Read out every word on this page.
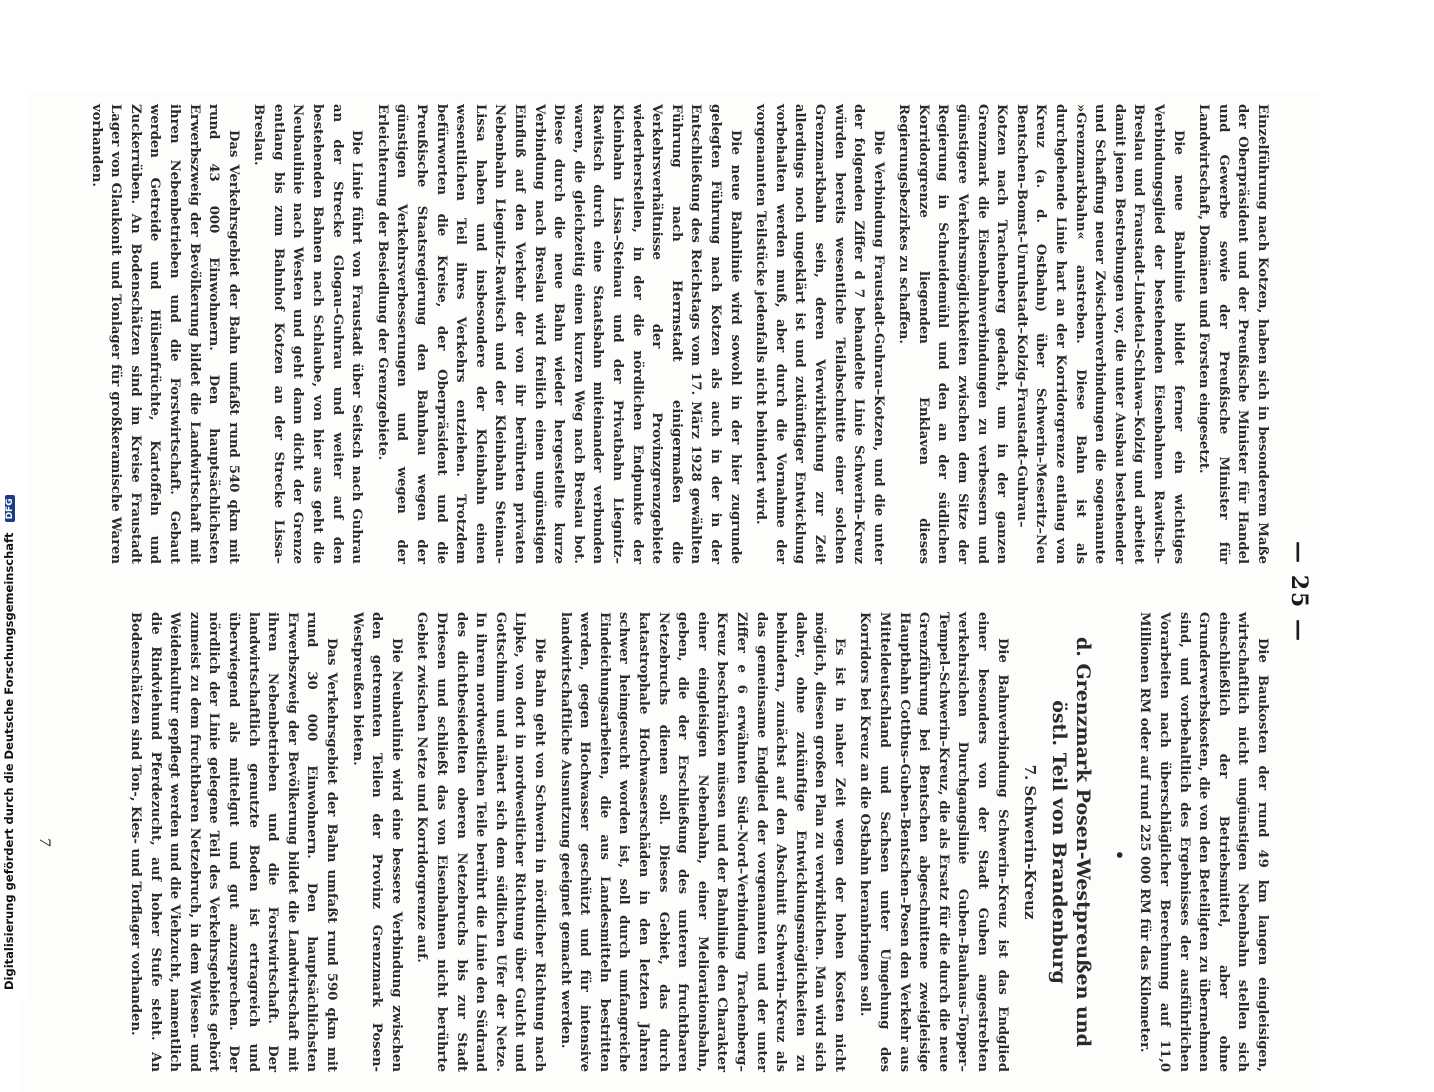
— 25 —

Einzelführung nach Kotzen, haben sich in besonderem Maße der Oberpräsident und der Preußische Minister für Handel und Gewerbe sowie der Preußische Minister für Landwirtschaft, Domänen und Forsten eingesetzt.

Die neue Bahnlinie bildet ferner ein wichtiges Verbindungsglied der bestehenden Eisenbahnen Rawitsch–Breslau und Fraustadt–Lindetal–Schlawa–Kolzig und arbeitet damit jenen Bestrebungen vor, die unter Ausbau bestehender und Schaffung neuer Zwischenverbindungen die sogenannte »Grenzmarkbahn« anstreben. Diese Bahn ist als durchgehende Linie hart an der Korridorgrenze entlang von Kreuz (a. d. Ostbahn) über Schwerin–Meseritz–Neu Bentschen–Bomst–Unruhstadt–Kolzig–Fraustadt–Guhrau–Kotzen nach Trachenberg gedacht, um in der ganzen Grenzmark die Eisenbahnverbindungen zu verbessern und günstigere Verkehrsmöglichkeiten zwischen dem Sitze der Regierung in Schneidemühl und den an der südlichen Korridorgrenze liegenden Enklaven dieses Regierungsbezirkes zu schaffen.

Die Verbindung Fraustadt–Guhrau–Kotzen, und die unter der folgenden Ziffer d 7 behandelte Linie Schwerin–Kreuz würden bereits wesentliche Teilabschnitte einer solchen Grenzmarkbahn sein, deren Verwirklichung zur Zeit allerdings noch ungeklärt ist und zukünftiger Entwicklung vorbehalten werden muß, aber durch die Vornahme der vorgenannten Teilstücke jedenfalls nicht behindert wird.

Die neue Bahnlinie wird sowohl in der hier zugrunde gelegten Führung nach Kotzen als auch in der in der Entschließung des Reichstags vom 17. März 1928 gewählten Führung nach Herrnstadt einigermaßen die Verkehrsverhältnisse der Provinzgrenzgebiete wiederherstellen, in der die nördlichen Endpunkte der Kleinbahn Lissa–Steinau und der Privatbahn Liegnitz–Rawitsch durch eine Staatsbahn miteinander verbunden waren, die gleichzeitig einen kurzen Weg nach Breslau bot. Diese durch die neue Bahn wieder hergestellte kurze Verbindung nach Breslau wird freilich einen ungünstigen Einfluß auf den Verkehr der von ihr berührten privaten Nebenbahn Liegnitz–Rawitsch und der Kleinbahn Steinau–Lissa haben und insbesondere der Kleinbahn einen wesentlichen Teil ihres Verkehrs entziehen. Trotzdem befürworten die Kreise, der Oberpräsident und die Preußische Staatsregierung den Bahnbau wegen der günstigen Verkehrsverbesserungen und wegen der Erleichterung der Besiedlung der Grenzgebiete.

Die Linie führt von Fraustadt über Seitsch nach Guhrau an der Strecke Glogau–Guhrau und weiter auf den bestehenden Bahnen nach Schlaube, von hier aus geht die Neubaulinie nach Westen und geht dann dicht der Grenze entlang bis zum Bahnhof Kotzen an der Strecke Lissa–Breslau.

Das Verkehrsgebiet der Bahn umfaßt rund 540 qkm mit rund 43 000 Einwohnern. Den hauptsächlichsten Erwerbszweig der Bevölkerung bildet die Landwirtschaft mit ihren Nebenbetrieben und die Forstwirtschaft. Gebaut werden Getreide und Hülsenfrüchte, Kartoffeln und Zuckerrüben. An Bodenschätzen sind im Kreise Fraustadt Lager von Glaukonit und Tonlager für großkeramische Waren vorhanden.

Die Baukosten der rund 49 km langen eingleisigen, wirtschaftlich nicht ungünstigen Nebenbahn stellen sich einschließlich der Betriebsmittel, aber ohne Grunderwerbskosten, die von den Beteiligten zu übernehmen sind, und vorbehaltlich des Ergebnisses der ausführlichen Vorarbeiten nach überschläglicher Berechnung auf 11,0 Millionen RM oder auf rund 225 000 RM für das Kilometer.

•

d. Grenzmark Posen-Westpreußen und östl. Teil von Brandenburg
7. Schwerin-Kreuz

Die Bahnverbindung Schwerin–Kreuz ist das Endglied einer besonders von der Stadt Guben angestrebten verkehrsichen Durchgangslinie Guben–Bauhaus–Topper–Tempel–Schwerin–Kreuz, die als Ersatz für die durch die neue Grenzführung bei Bentschen abgeschnittene zweigleisige Hauptbahn Cottbus–Guben–Bentschen–Posen den Verkehr aus Mitteldeutschland und Sachsen unter Umgehung des Korridors bei Kreuz an die Ostbahn heranbringen soll.

Es ist in naher Zeit wegen der hohen Kosten nicht möglich, diesen großen Plan zu verwirklichen. Man wird sich daher, ohne zukünftige Entwicklungsmöglichkeiten zu behindern, zunächst auf den Abschnitt Schwerin–Kreuz als das gemeinsame Endglied der vorgenannten und der unter Ziffer e 6 erwähnten Süd–Nord–Verbindung Trachenberg–Kreuz beschränken müssen und der Bahnlinie den Charakter einer eingleisigen Nebenbahn, einer Meliorationsbahn, geben, die der Erschließung des unteren fruchtbaren Netzebruchs dienen soll. Dieses Gebiet, das durch katastrophale Hochwasserschäden in den letzten Jahren schwer heimgesucht worden ist, soll durch umfangreiche Eindeichungsarbeiten, die aus Landesmitteln bestritten werden, gegen Hochwasser geschützt und für intensive landwirtschaftliche Ausnutzung geeignet gemacht werden.

Die Bahn geht von Schwerin in nördlicher Richtung nach Lipke, von dort in nordwestlicher Richtung über Gulcht und Gottschimm und nähert sich dem südlichen Ufer der Netze. In ihrem nordwestlichen Teile berührt die Linie den Südrand des dichtbesiedelten oberen Netzebruchs bis zur Stadt Driesen und schließt das von Eisenbahnen nicht berührte Gebiet zwischen Netze und Korridorgrenze auf.

Die Neubaulinie wird eine bessere Verbindung zwischen den getrennten Teilen der Provinz Grenzmark Posen-Westpreußen bieten.

Das Verkehrsgebiet der Bahn umfaßt rund 590 qkm mit rund 30 000 Einwohnern. Den hauptsächlichsten Erwerbszweig der Bevölkerung bildet die Landwirtschaft mit ihren Nebenbetrieben und die Forstwirtschaft. Der landwirtschaftlich genutzte Boden ist ertragreich und überwiegend als mittelgut und gut anzusprechen. Der nördlich der Linie gelegene Teil des Verkehrsgebiets gehört zumeist zu dem fruchtbaren Netzebruch, in dem Wiesen- und Weidenkultur gepflegt werden und die Viehzucht, namentlich die Rindviehund Pferdezucht, auf hoher Stufe steht. An Bodenschätzen sind Ton-, Kies- und Torflager vorhanden.

7
Digitalisierung gefördert durch die Deutsche Forschungsgemeinschaft DFG
